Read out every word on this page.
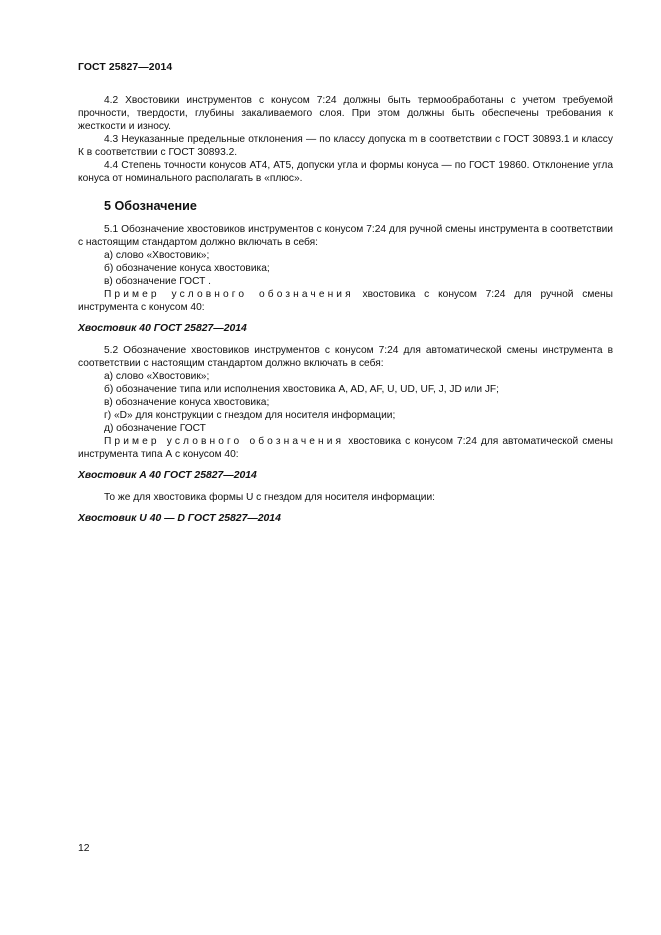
ГОСТ 25827—2014

4.2 Хвостовики инструментов с конусом 7:24 должны быть термообработаны с учетом требуемой прочности, твердости, глубины закаливаемого слоя. При этом должны быть обеспечены требования к жесткости и износу.

4.3 Неуказанные предельные отклонения — по классу допуска m в соответствии с ГОСТ 30893.1 и классу К в соответствии с ГОСТ 30893.2.

4.4 Степень точности конусов АТ4, АТ5, допуски угла и формы конуса — по ГОСТ 19860. Отклонение угла конуса от номинального располагать в «плюс».

5 Обозначение

5.1 Обозначение хвостовиков инструментов с конусом 7:24 для ручной смены инструмента в соответствии с настоящим стандартом должно включать в себя:

а) слово «Хвостовик»;

б) обозначение конуса хвостовика;

в) обозначение ГОСТ .

Пример условного обозначения хвостовика с конусом 7:24 для ручной смены инструмента с конусом 40:

Хвостовик 40 ГОСТ 25827—2014

5.2 Обозначение хвостовиков инструментов с конусом 7:24 для автоматической смены инструмента в соответствии с настоящим стандартом должно включать в себя:

а) слово «Хвостовик»;

б) обозначение типа или исполнения хвостовика A, AD, AF, U, UD, UF, J, JD или JF;

в) обозначение конуса хвостовика;

г) «D» для конструкции с гнездом для носителя информации;

д) обозначение ГОСТ

Пример условного обозначения хвостовика с конусом 7:24 для автоматической смены инструмента типа А с конусом 40:

Хвостовик A 40 ГОСТ 25827—2014

То же для хвостовика формы U с гнездом для носителя информации:

Хвостовик U 40 — D ГОСТ 25827—2014

12
